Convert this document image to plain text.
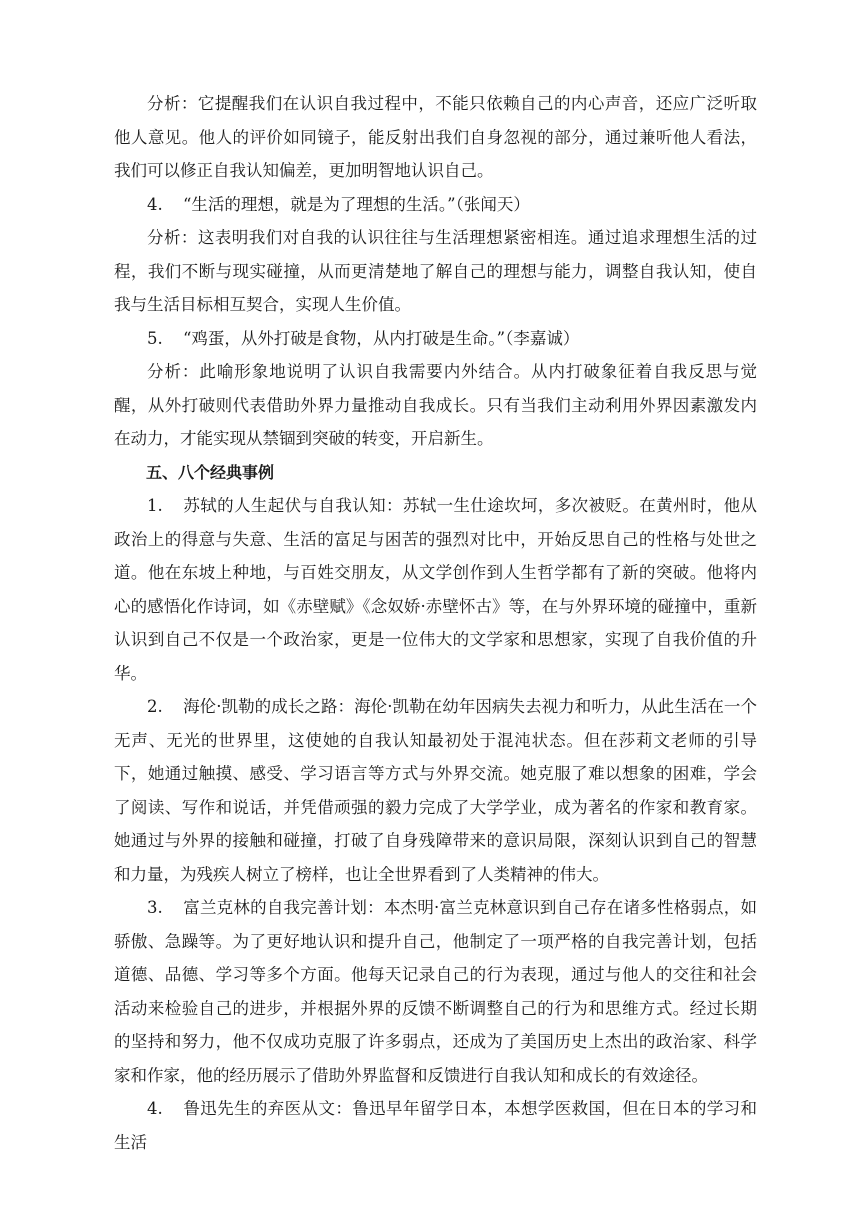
分析：它提醒我们在认识自我过程中，不能只依赖自己的内心声音，还应广泛听取他人意见。他人的评价如同镜子，能反射出我们自身忽视的部分，通过兼听他人看法，我们可以修正自我认知偏差，更加明智地认识自己。

4. “生活的理想，就是为了理想的生活。”（张闻天）

分析：这表明我们对自我的认识往往与生活理想紧密相连。通过追求理想生活的过程，我们不断与现实碰撞，从而更清楚地了解自己的理想与能力，调整自我认知，使自我与生活目标相互契合，实现人生价值。

5. “鸡蛋，从外打破是食物，从内打破是生命。”（李嘉诚）

分析：此喻形象地说明了认识自我需要内外结合。从内打破象征着自我反思与觉醒，从外打破则代表借助外界力量推动自我成长。只有当我们主动利用外界因素激发内在动力，才能实现从禁锢到突破的转变，开启新生。

五、八个经典事例

1. 苏轼的人生起伏与自我认知：苏轼一生仕途坎坷，多次被贬。在黄州时，他从政治上的得意与失意、生活的富足与困苦的强烈对比中，开始反思自己的性格与处世之道。他在东坡上种地，与百姓交朋友，从文学创作到人生哲学都有了新的突破。他将内心的感悟化作诗词，如《赤壁赋》《念奴娇·赤壁怀古》等，在与外界环境的碰撞中，重新认识到自己不仅是一个政治家，更是一位伟大的文学家和思想家，实现了自我价值的升华。

2. 海伦·凯勒的成长之路：海伦·凯勒在幼年因病失去视力和听力，从此生活在一个无声、无光的世界里，这使她的自我认知最初处于混沌状态。但在莎莉文老师的引导下，她通过触摸、感受、学习语言等方式与外界交流。她克服了难以想象的困难，学会了阅读、写作和说话，并凭借顽强的毅力完成了大学学业，成为著名的作家和教育家。她通过与外界的接触和碰撞，打破了自身残障带来的意识局限，深刻认识到自己的智慧和力量，为残疾人树立了榜样，也让全世界看到了人类精神的伟大。

3. 富兰克林的自我完善计划：本杰明·富兰克林意识到自己存在诸多性格弱点，如骄傲、急躁等。为了更好地认识和提升自己，他制定了一项严格的自我完善计划，包括道德、品德、学习等多个方面。他每天记录自己的行为表现，通过与他人的交往和社会活动来检验自己的进步，并根据外界的反馈不断调整自己的行为和思维方式。经过长期的坚持和努力，他不仅成功克服了许多弱点，还成为了美国历史上杰出的政治家、科学家和作家，他的经历展示了借助外界监督和反馈进行自我认知和成长的有效途径。

4. 鲁迅先生的弃医从文：鲁迅早年留学日本，本想学医救国，但在日本的学习和生活
